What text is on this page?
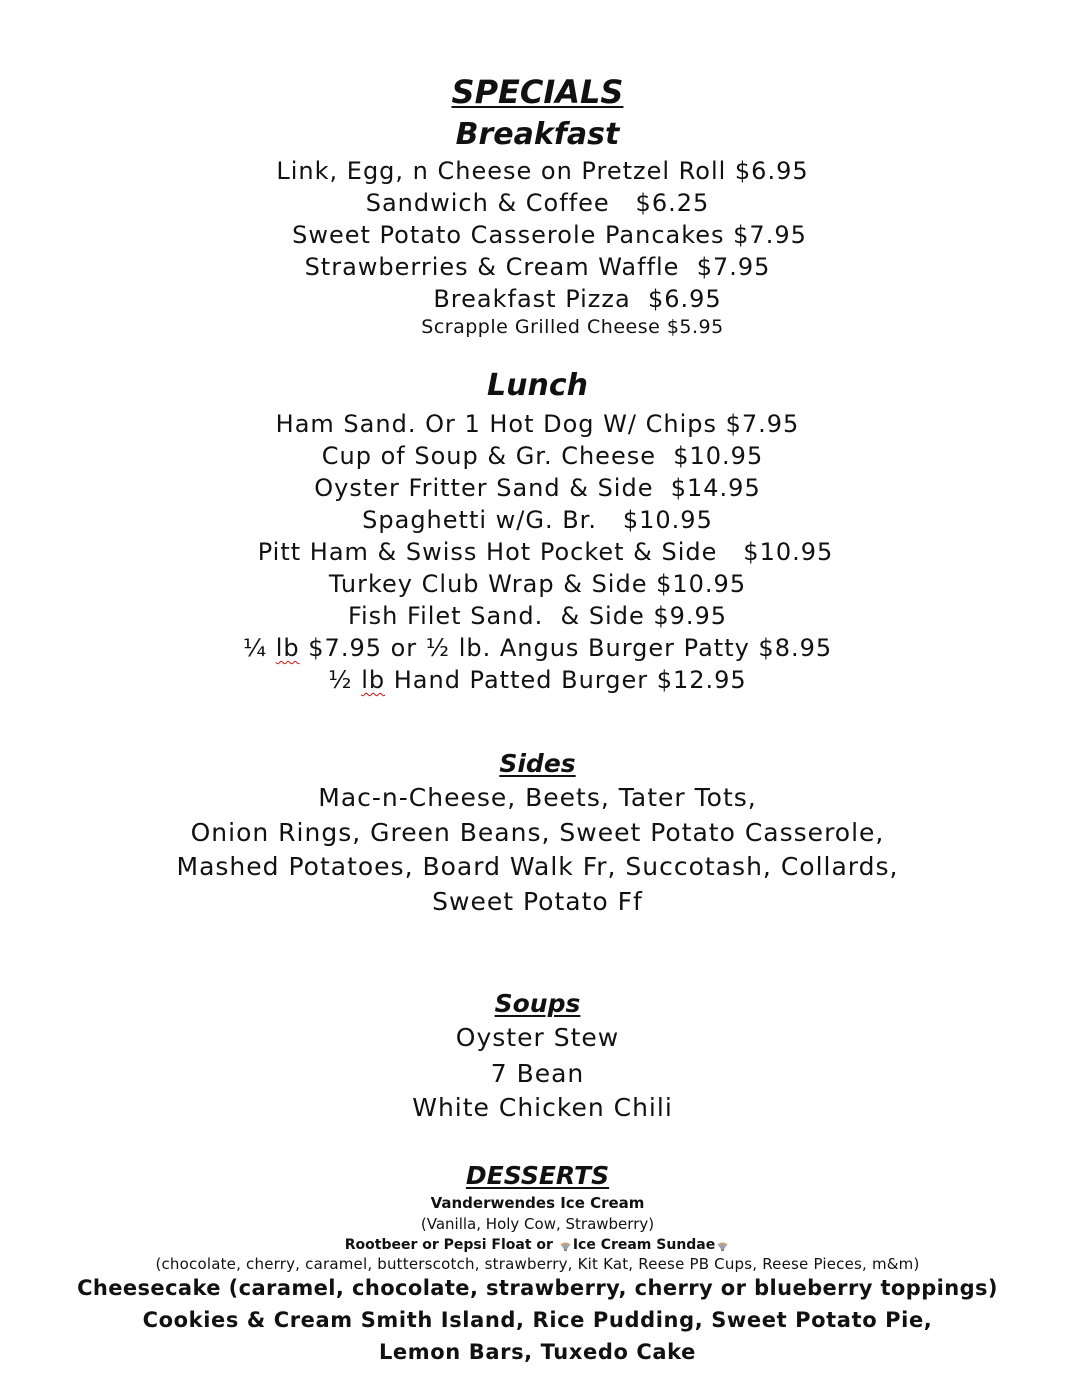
SPECIALS
Breakfast
Link, Egg, n Cheese on Pretzel Roll $6.95
Sandwich & Coffee   $6.25
Sweet Potato Casserole Pancakes $7.95
Strawberries & Cream Waffle  $7.95
Breakfast Pizza  $6.95
Scrapple Grilled Cheese $5.95
Lunch
Ham Sand. Or 1 Hot Dog W/ Chips $7.95
Cup of Soup & Gr. Cheese  $10.95
Oyster Fritter Sand & Side  $14.95
Spaghetti w/G. Br.   $10.95
Pitt Ham & Swiss Hot Pocket & Side   $10.95
Turkey Club Wrap & Side $10.95
Fish Filet Sand.  & Side $9.95
¼ lb $7.95 or ½ lb. Angus Burger Patty $8.95
½ lb Hand Patted Burger $12.95
Sides
Mac-n-Cheese, Beets, Tater Tots,
Onion Rings, Green Beans, Sweet Potato Casserole,
Mashed Potatoes, Board Walk Fr, Succotash, Collards,
Sweet Potato Ff
Soups
Oyster Stew
7 Bean
White Chicken Chili
DESSERTS
Vanderwendes Ice Cream
(Vanilla, Holy Cow, Strawberry)
Rootbeer or Pepsi Float or Ice Cream Sundae
(chocolate, cherry, caramel, butterscotch, strawberry, Kit Kat, Reese PB Cups, Reese Pieces, m&m)
Cheesecake (caramel, chocolate, strawberry, cherry or blueberry toppings)
Cookies & Cream Smith Island, Rice Pudding, Sweet Potato Pie,
Lemon Bars, Tuxedo Cake
